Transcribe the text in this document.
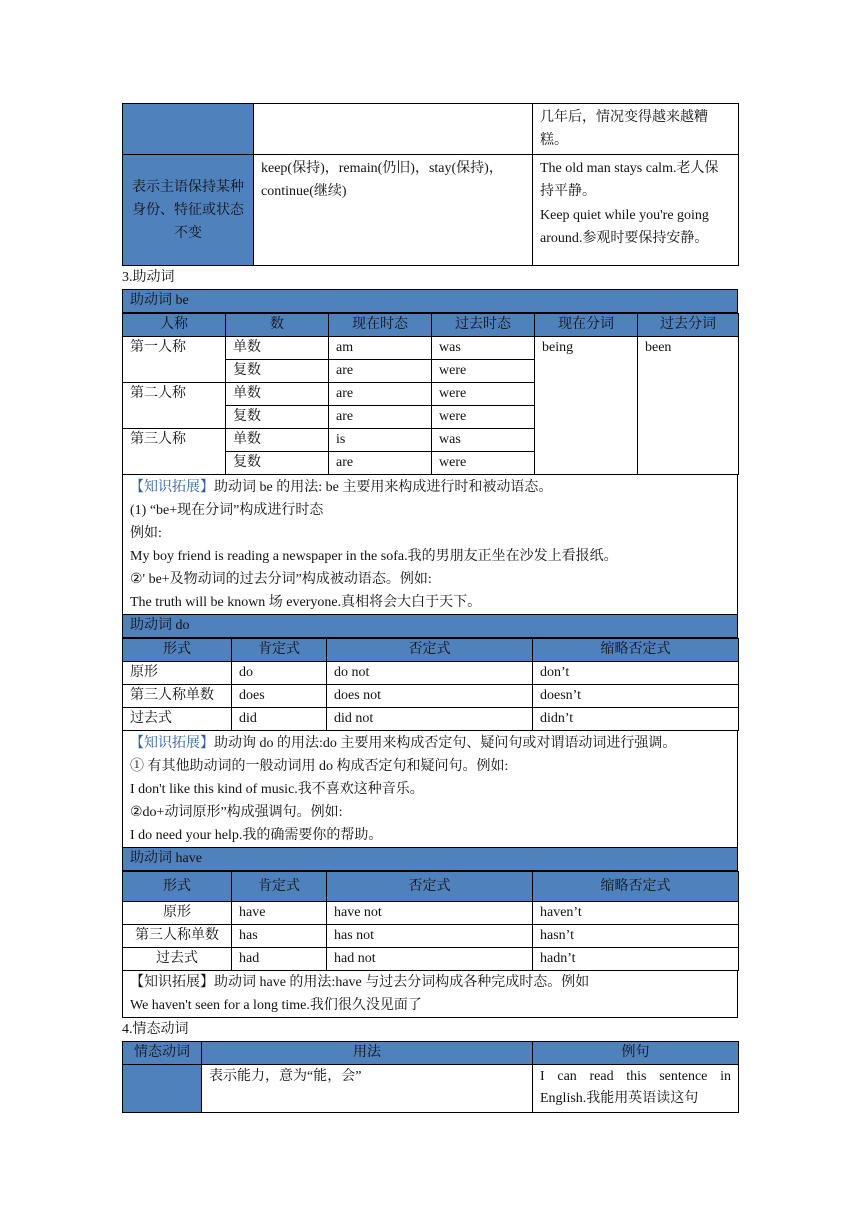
		几年后，情况变得越来越糟糕。
表示主语保持某种身份、特征或状态不变	keep(保持)，remain(仍旧)，stay(保持)，continue(继续)	The old man stays calm.老人保持平静。
Keep quiet while you're going around.参观时要保持安静。
3.助动词
助动词 be
人称	数	现在时态	过去时态	现在分词	过去分词
第一人称	单数	am	was	being	been
	复数	are	were		
第二人称	单数	are	were		
	复数	are	were		
第三人称	单数	is	was		
	复数	are	were		
【知识拓展】助动词 be 的用法: be 主要用来构成进行时和被动语态。
(1) “be+现在分词”构成进行时态
例如:
My boy friend is reading a newspaper in the sofa.我的男朋友正坐在沙发上看报纸。
②' be+及物动词的过去分词”构成被动语态。例如:
The truth will be known 场 everyone.真相将会大白于天下。
助动词 do
形式	肯定式	否定式	缩略否定式
原形	do	do not	don’t
第三人称单数	does	does not	doesn’t
过去式	did	did not	didn’t
【知识拓展】助动询 do 的用法:do 主要用来构成否定句、疑问句或对谓语动词进行强调。
① 有其他助动词的一般动词用 do 构成否定句和疑问句。例如:
I don't like this kind of music.我不喜欢这种音乐。
②do+动词原形”构成强调句。例如:
I do need your help.我的确需要你的帮助。
助动词 have
形式	肯定式	否定式	缩略否定式
原形	have	have not	haven’t
第三人称单数	has	has not	hasn’t
过去式	had	had not	hadn’t
【知识拓展】助动词 have 的用法:have 与过去分词构成各种完成时态。例如
We haven't seen for a long time.我们很久没见面了
4.情态动词
情态动词	用法	例句
	表示能力，意为“能，会”	I can read this sentence in English.我能用英语读这句
